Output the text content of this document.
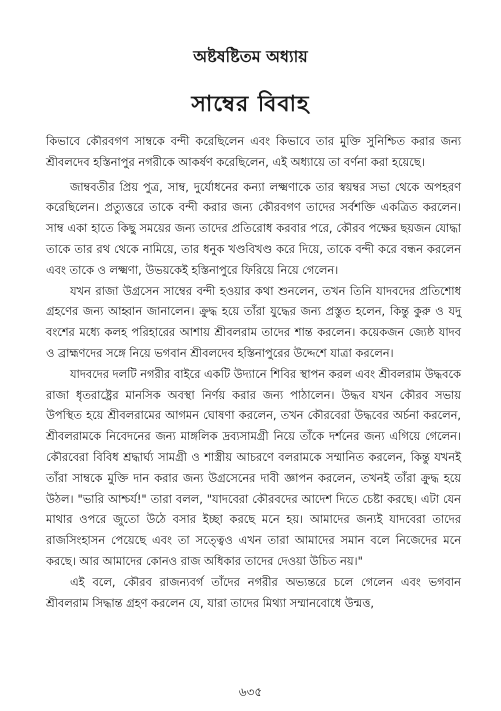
অষ্টষষ্টিতম অধ্যায়
সাম্বের বিবাহ

কিভাবে কৌরবগণ সাম্বকে বন্দী করেছিলেন এবং কিভাবে তার মুক্তি সুনিশ্চিত করার জন্য শ্রীবলদেব হস্তিনাপুর নগরীকে আকর্ষণ করেছিলেন, এই অধ্যায়ে তা বর্ণনা করা হয়েছে।

জাম্ববতীর প্রিয় পুত্র, সাম্ব, দুর্যোধনের কন্যা লক্ষ্মণাকে তার স্বয়ম্বর সভা থেকে অপহরণ করেছিলেন। প্রত্যুত্তরে তাকে বন্দী করার জন্য কৌরবগণ তাদের সর্বশক্তি একত্রিত করলেন। সাম্ব একা হাতে কিছু সময়ের জন্য তাদের প্রতিরোধ করবার পরে, কৌরব পক্ষের ছয়জন যোদ্ধা তাকে তার রথ থেকে নামিয়ে, তার ধনুক খণ্ডবিখণ্ড করে দিয়ে, তাকে বন্দী করে বন্ধন করলেন এবং তাকে ও লক্ষ্মণা, উভয়কেই হস্তিনাপুরে ফিরিয়ে নিয়ে গেলেন।

যখন রাজা উগ্রসেন সাম্বের বন্দী হওয়ার কথা শুনলেন, তখন তিনি যাদবদের প্রতিশোধ গ্রহণের জন্য আহ্বান জানালেন। ক্রুদ্ধ হয়ে তাঁরা যুদ্ধের জন্য প্রস্তুত হলেন, কিন্তু কুরু ও যদু বংশের মধ্যে কলহ পরিহারের আশায় শ্রীবলরাম তাদের শান্ত করলেন। কয়েকজন জ্যেষ্ঠ যাদব ও ব্রাহ্মণদের সঙ্গে নিয়ে ভগবান শ্রীবলদেব হস্তিনাপুরের উদ্দেশে যাত্রা করলেন।

যাদবদের দলটি নগরীর বাইরে একটি উদ্যানে শিবির স্থাপন করল এবং শ্রীবলরাম উদ্ধবকে রাজা ধৃতরাষ্ট্রের মানসিক অবস্থা নির্ণয় করার জন্য পাঠালেন। উদ্ধব যখন কৌরব সভায় উপস্থিত হয়ে শ্রীবলরামের আগমন ঘোষণা করলেন, তখন কৌরবেরা উদ্ধবের অর্চনা করলেন, শ্রীবলরামকে নিবেদনের জন্য মাঙ্গলিক দ্রব্যসামগ্রী নিয়ে তাঁকে দর্শনের জন্য এগিয়ে গেলেন। কৌরবেরা বিবিধ শ্রদ্ধার্ঘ্য সামগ্রী ও শাস্ত্রীয় আচরণে বলরামকে সম্মানিত করলেন, কিন্তু যখনই তাঁরা সাম্বকে মুক্তি দান করার জন্য উগ্রসেনের দাবী জ্ঞাপন করলেন, তখনই তাঁরা ক্রুদ্ধ হয়ে উঠল। "ভারি আশ্চর্য!" তারা বলল, "যাদবেরা কৌরবদের আদেশ দিতে চেষ্টা করছে। এটা যেন মাথার ওপরে জুতো উঠে বসার ইচ্ছা করছে মনে হয়। আমাদের জন্যই যাদবেরা তাদের রাজসিংহাসন পেয়েছে এবং তা সত্ত্বেও এখন তারা আমাদের সমান বলে নিজেদের মনে করছে। আর আমাদের কোনও রাজ অধিকার তাদের দেওয়া উচিত নয়।"

এই বলে, কৌরব রাজন্যবর্গ তাঁদের নগরীর অভ্যন্তরে চলে গেলেন এবং ভগবান শ্রীবলরাম সিদ্ধান্ত গ্রহণ করলেন যে, যারা তাদের মিথ্যা সম্মানবোধে উন্মত্ত,

৬৩৫
